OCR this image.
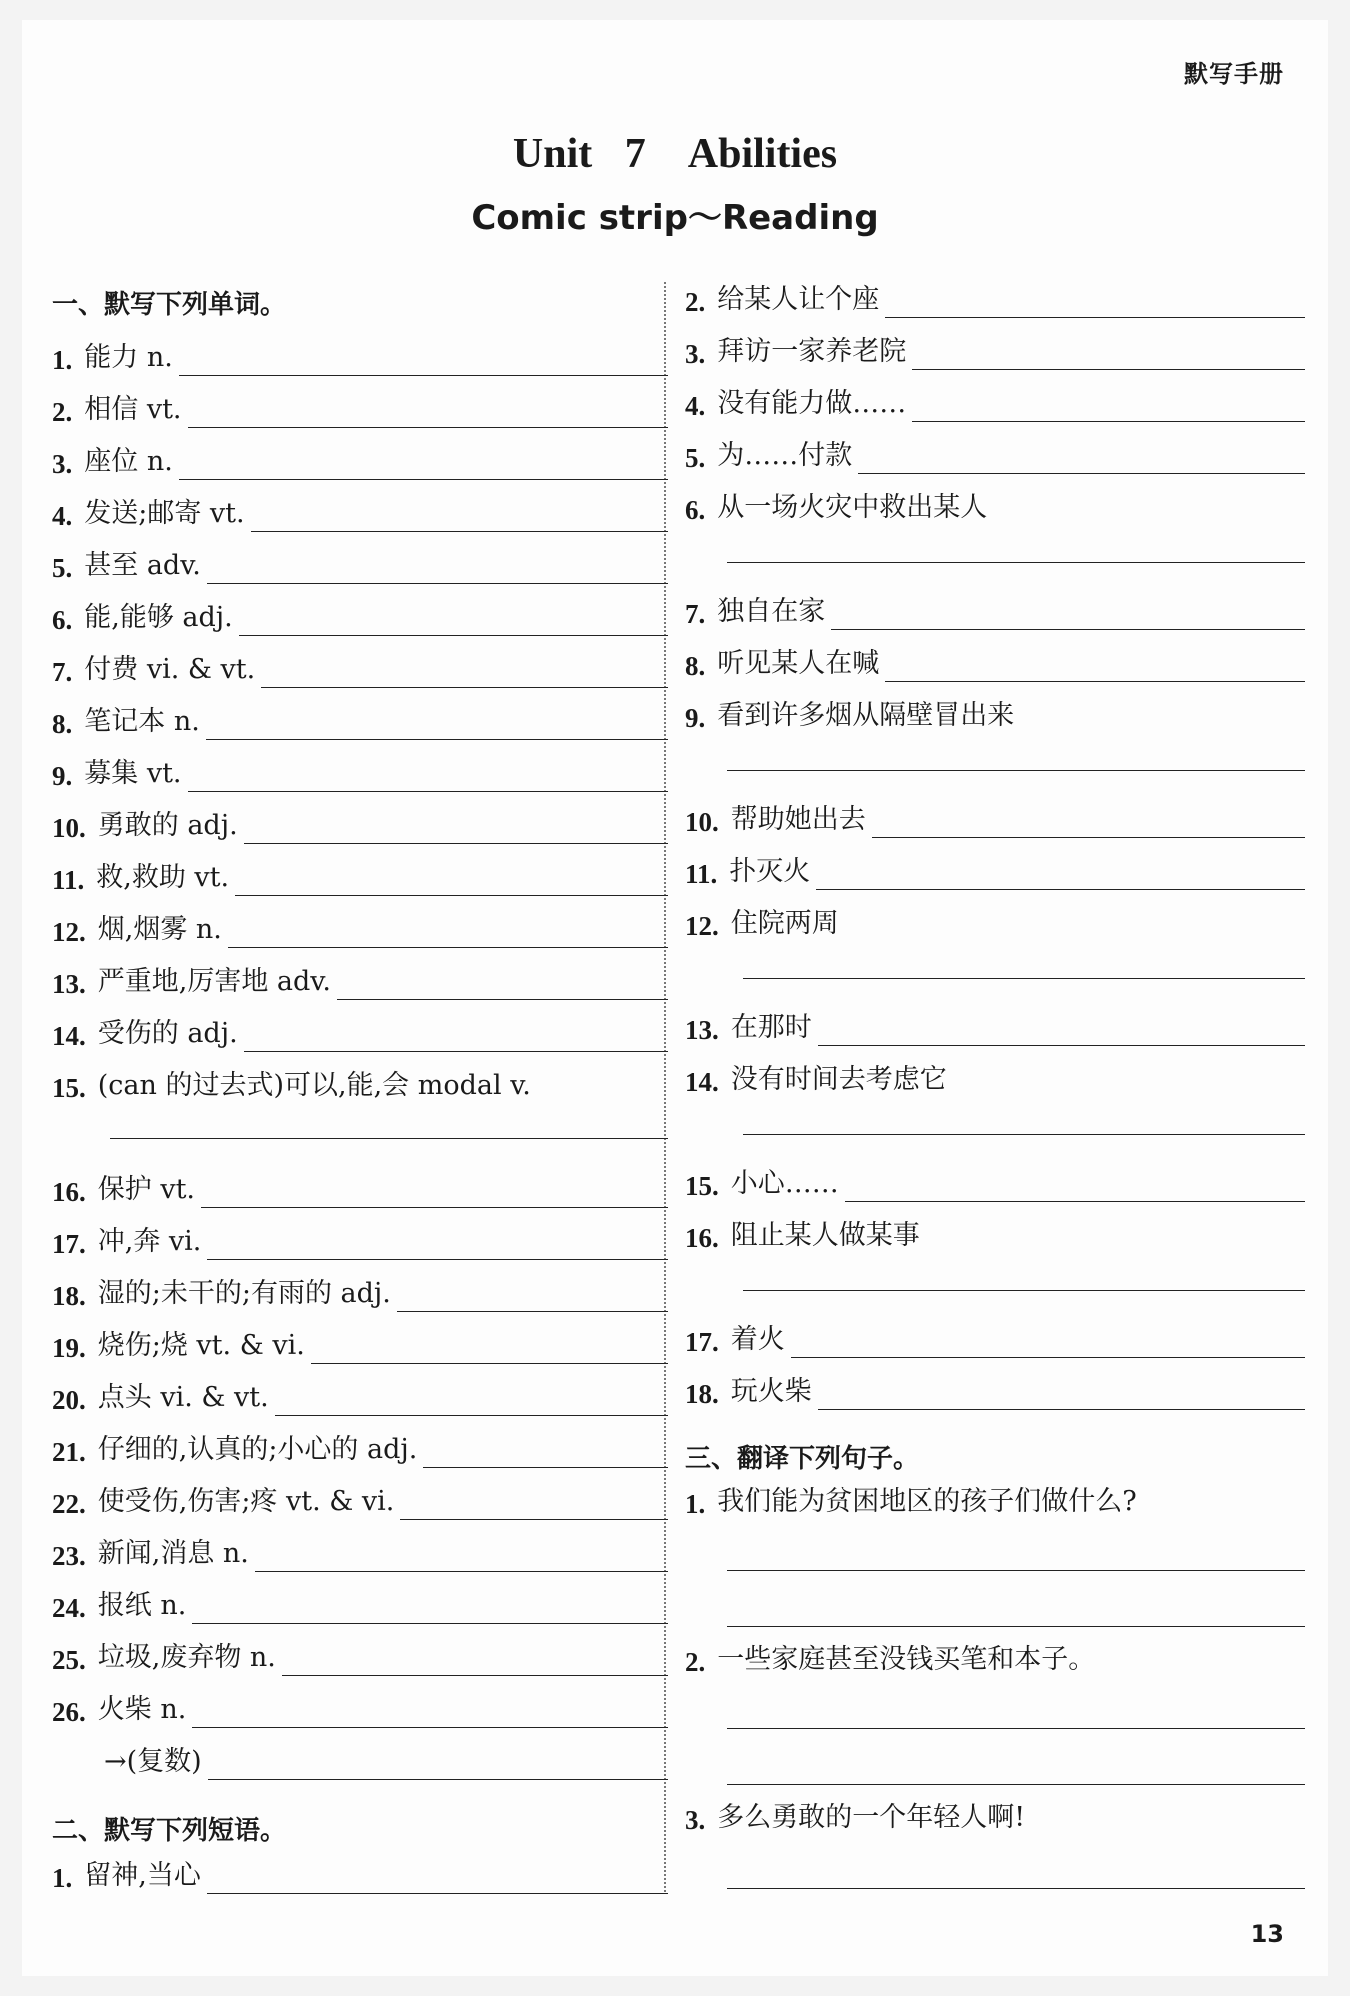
默写手册
Unit 7　Abilities
Comic strip～Reading
一、默写下列单词。
1. 能力 n.
2. 相信 vt.
3. 座位 n.
4. 发送;邮寄 vt.
5. 甚至 adv.
6. 能,能够 adj.
7. 付费 vi. & vt.
8. 笔记本 n.
9. 募集 vt.
10. 勇敢的 adj.
11. 救,救助 vt.
12. 烟,烟雾 n.
13. 严重地,厉害地 adv.
14. 受伤的 adj.
15. (can 的过去式)可以,能,会 modal v.
16. 保护 vt.
17. 冲,奔 vi.
18. 湿的;未干的;有雨的 adj.
19. 烧伤;烧 vt. & vi.
20. 点头 vi. & vt.
21. 仔细的,认真的;小心的 adj.
22. 使受伤,伤害;疼 vt. & vi.
23. 新闻,消息 n.
24. 报纸 n.
25. 垃圾,废弃物 n.
26. 火柴 n.
→(复数)
二、默写下列短语。
1. 留神,当心
2. 给某人让个座
3. 拜访一家养老院
4. 没有能力做……
5. 为……付款
6. 从一场火灾中救出某人
7. 独自在家
8. 听见某人在喊
9. 看到许多烟从隔壁冒出来
10. 帮助她出去
11. 扑灭火
12. 住院两周
13. 在那时
14. 没有时间去考虑它
15. 小心……
16. 阻止某人做某事
17. 着火
18. 玩火柴
三、翻译下列句子。
1. 我们能为贫困地区的孩子们做什么?
2. 一些家庭甚至没钱买笔和本子。
3. 多么勇敢的一个年轻人啊!
13
